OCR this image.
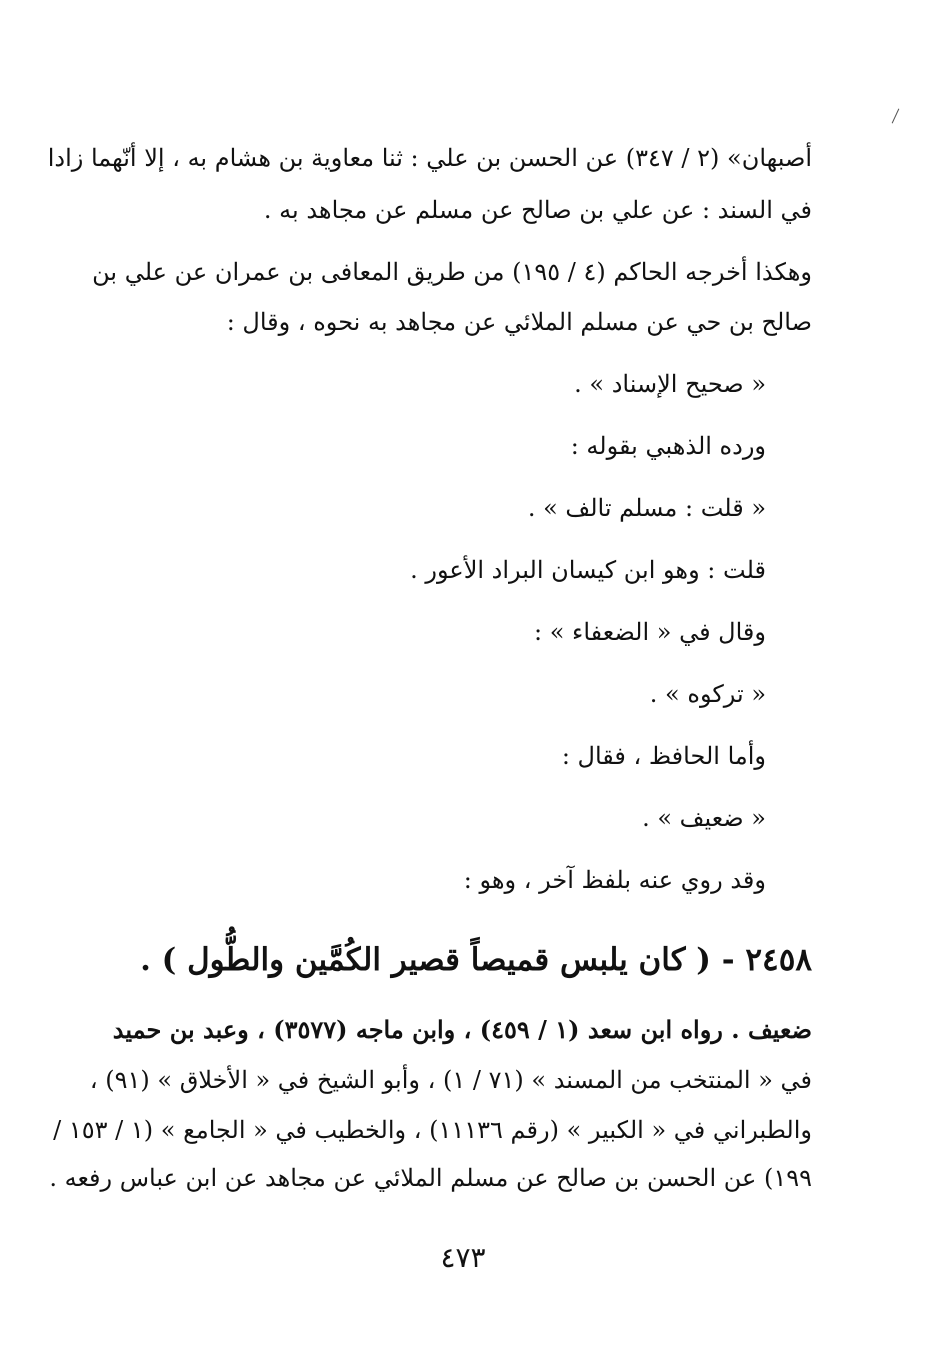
أصبهان» (٢ / ٣٤٧) عن الحسن بن علي : ثنا معاوية بن هشام به ، إلا أنّهما زادا
في السند : عن علي بن صالح عن مسلم عن مجاهد به .
وهكذا أخرجه الحاكم (٤ / ١٩٥) من طريق المعافى بن عمران عن علي بن
صالح بن حي عن مسلم الملائي عن مجاهد به نحوه ، وقال :
« صحيح الإسناد » .
ورده الذهبي بقوله :
« قلت : مسلم تالف » .
قلت : وهو ابن كيسان البراد الأعور .
وقال في « الضعفاء » :
« تركوه » .
وأما الحافظ ، فقال :
« ضعيف » .
وقد روي عنه بلفظ آخر ، وهو :
٢٤٥٨ - ( كان يلبس قميصاً قصير الكُمَّين والطُّول ) .
ضعيف . رواه ابن سعد (١ / ٤٥٩) ، وابن ماجه (٣٥٧٧) ، وعبد بن حميد
في « المنتخب من المسند » (٧١ / ١) ، وأبو الشيخ في « الأخلاق » (٩١) ،
والطبراني في « الكبير » (رقم ١١١٣٦) ، والخطيب في « الجامع » (١ / ١٥٣ /
١٩٩) عن الحسن بن صالح عن مسلم الملائي عن مجاهد عن ابن عباس رفعه .
٤٧٣
